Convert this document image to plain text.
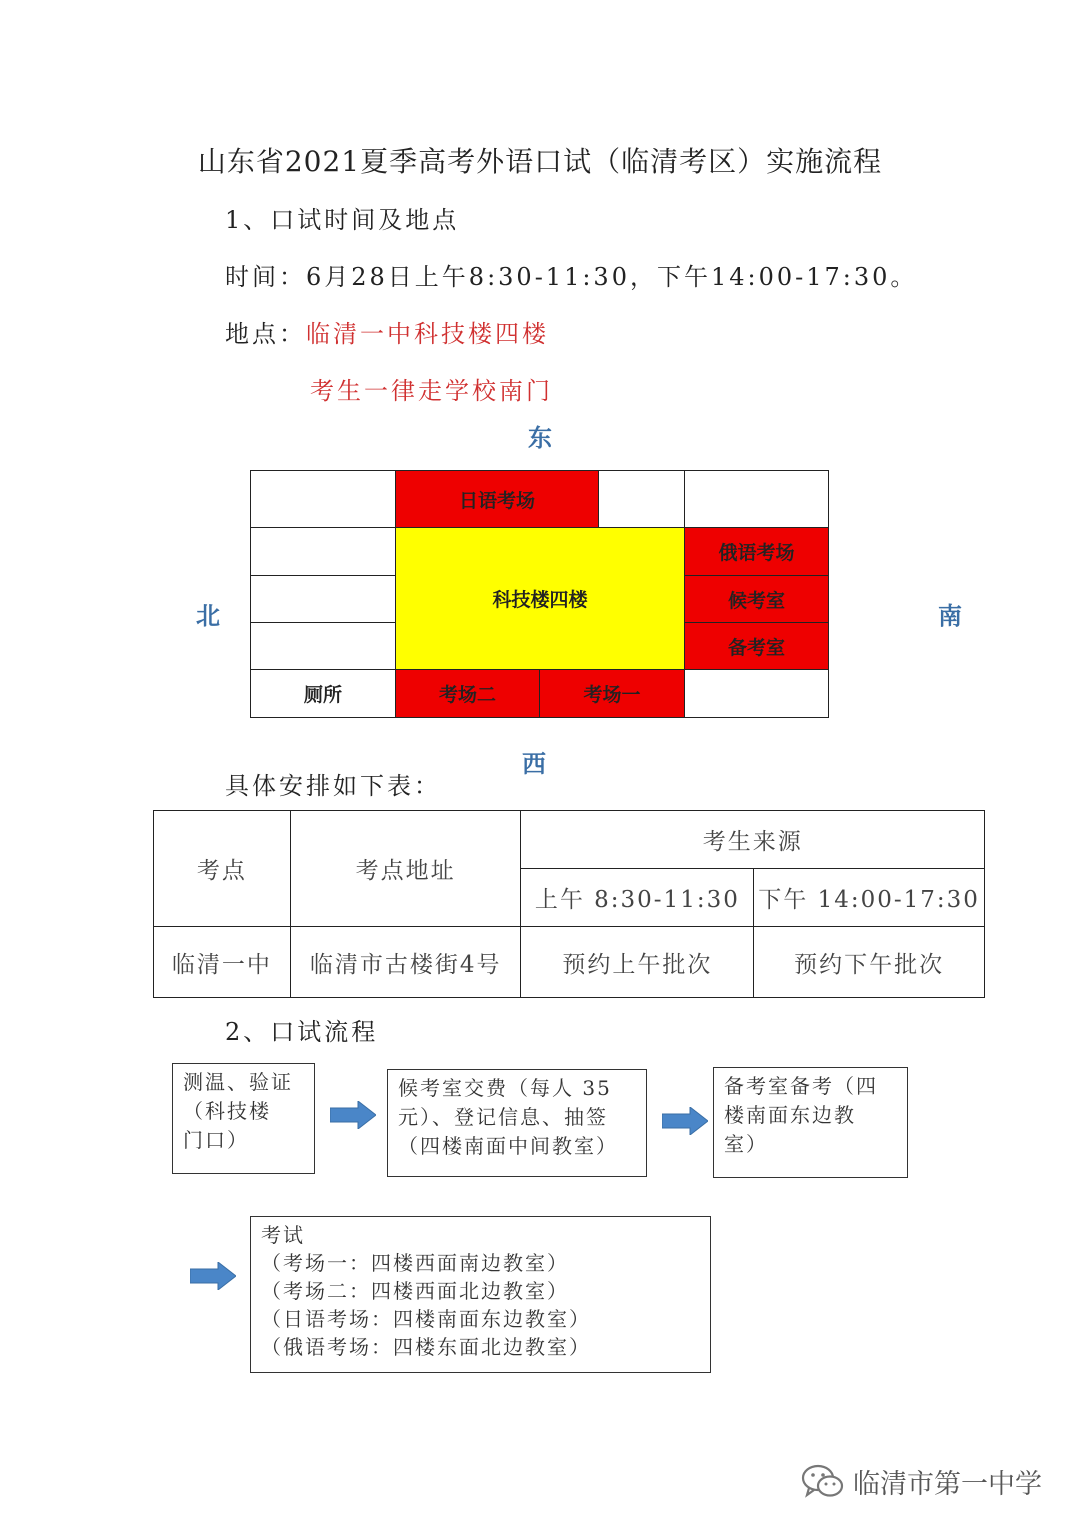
山东省2021夏季高考外语口试（临清考区）实施流程
1、口试时间及地点
时间：6月28日上午8:30-11:30，下午14:00-17:30。
地点：临清一中科技楼四楼
考生一律走学校南门
东
西
北	南
日语考场
科技楼四楼
俄语考场
候考室
备考室
厕所	考场二	考场一
具体安排如下表：
考点	考点地址	考生来源	
		上午 8:30-11:30	下午 14:00-17:30
临清一中	临清市古楼街4号	预约上午批次	预约下午批次
2、口试流程
测温、验证
（科技楼
门口）
候考室交费（每人 35
元）、登记信息、抽签
（四楼南面中间教室）
备考室备考（四
楼南面东边教
室）
考试
（考场一：四楼西面南边教室）
（考场二：四楼西面北边教室）
（日语考场：四楼南面东边教室）
（俄语考场：四楼东面北边教室）
临清市第一中学
